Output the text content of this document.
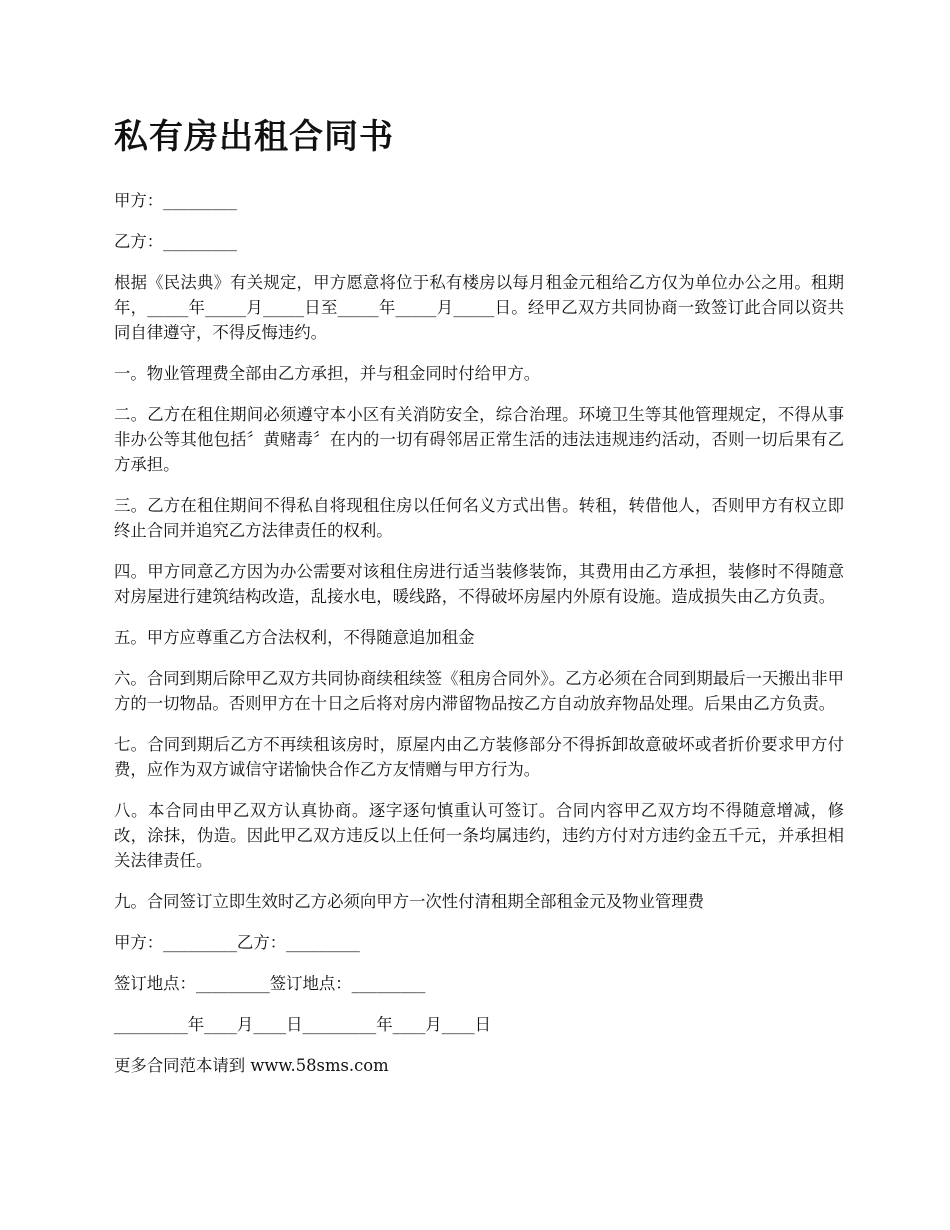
私有房出租合同书

甲方：_________

乙方：_________

根据《民法典》有关规定，甲方愿意将位于私有楼房以每月租金元租给乙方仅为单位办公之用。租期年，_____年_____月_____日至_____年_____月_____日。经甲乙双方共同协商一致签订此合同以资共同自律遵守，不得反悔违约。

一。物业管理费全部由乙方承担，并与租金同时付给甲方。

二。乙方在租住期间必须遵守本小区有关消防安全，综合治理。环境卫生等其他管理规定，不得从事非办公等其他包括〞黄赌毒〞在内的一切有碍邻居正常生活的违法违规违约活动，否则一切后果有乙方承担。

三。乙方在租住期间不得私自将现租住房以任何名义方式出售。转租，转借他人，否则甲方有权立即终止合同并追究乙方法律责任的权利。

四。甲方同意乙方因为办公需要对该租住房进行适当装修装饰，其费用由乙方承担，装修时不得随意对房屋进行建筑结构改造，乱接水电，暖线路，不得破坏房屋内外原有设施。造成损失由乙方负责。

五。甲方应尊重乙方合法权利，不得随意追加租金

六。合同到期后除甲乙双方共同协商续租续签《租房合同外》。乙方必须在合同到期最后一天搬出非甲方的一切物品。否则甲方在十日之后将对房内滞留物品按乙方自动放弃物品处理。后果由乙方负责。

七。合同到期后乙方不再续租该房时，原屋内由乙方装修部分不得拆卸故意破坏或者折价要求甲方付费，应作为双方诚信守诺愉快合作乙方友情赠与甲方行为。

八。本合同由甲乙双方认真协商。逐字逐句慎重认可签订。合同内容甲乙双方均不得随意增减，修改，涂抹，伪造。因此甲乙双方违反以上任何一条均属违约，违约方付对方违约金五千元，并承担相关法律责任。

九。合同签订立即生效时乙方必须向甲方一次性付清租期全部租金元及物业管理费

甲方：_________乙方：_________

签订地点：_________签订地点：_________

_________年____月____日_________年____月____日

更多合同范本请到 www.58sms.com
